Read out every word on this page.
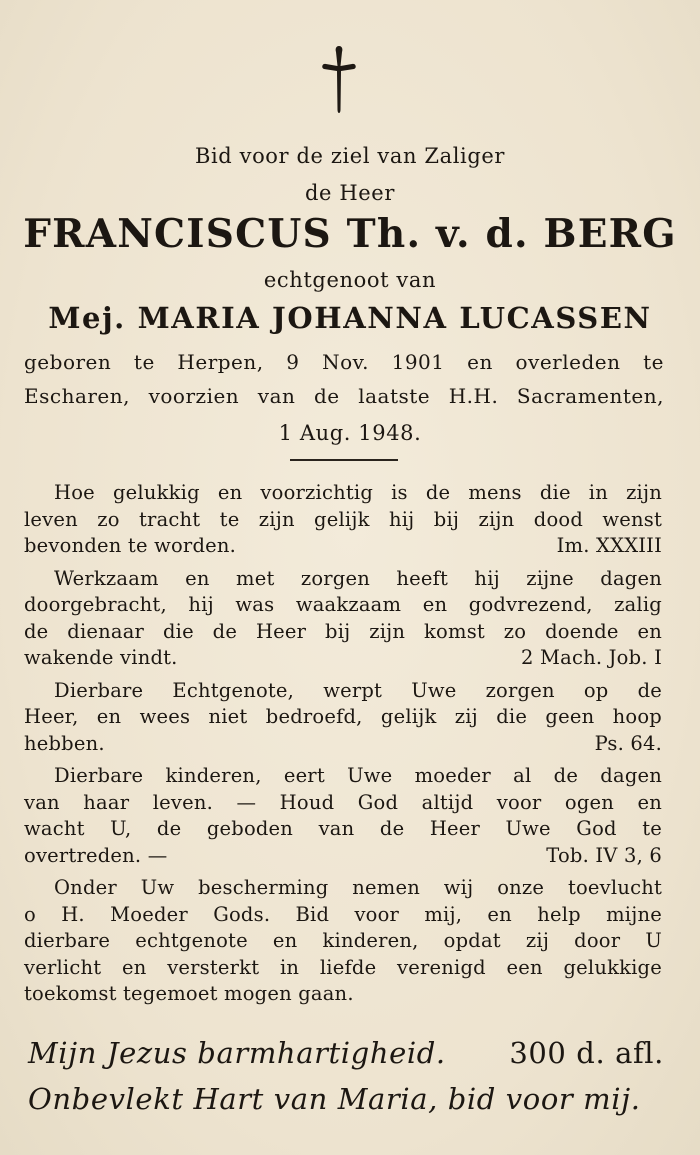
Bid voor de ziel van Zaliger
de Heer
FRANCISCUS Th. v. d. BERG
echtgenoot van
Mej. MARIA JOHANNA LUCASSEN
geboren te Herpen, 9 Nov. 1901 en overleden te
Escharen, voorzien van de laatste H.H. Sacramenten,
1 Aug. 1948.
Hoe gelukkig en voorzichtig is de mens die in zijn
leven zo tracht te zijn gelijk hij bij zijn dood wenst
bevonden te worden.	Im. XXXIII
Werkzaam en met zorgen heeft hij zijne dagen
doorgebracht, hij was waakzaam en godvrezend, zalig
de dienaar die de Heer bij zijn komst zo doende en
wakende vindt.	2 Mach. Job. I
Dierbare Echtgenote, werpt Uwe zorgen op de
Heer, en wees niet bedroefd, gelijk zij die geen hoop
hebben.	Ps. 64.
Dierbare kinderen, eert Uwe moeder al de dagen
van haar leven. — Houd God altijd voor ogen en
wacht U, de geboden van de Heer Uwe God te
overtreden. —	Tob. IV 3, 6
Onder Uw bescherming nemen wij onze toevlucht
o H. Moeder Gods. Bid voor mij, en help mijne
dierbare echtgenote en kinderen, opdat zij door U
verlicht en versterkt in liefde verenigd een gelukkige
toekomst tegemoet mogen gaan.
Mijn Jezus barmhartigheid. 300 d. afl.
Onbevlekt Hart van Maria, bid voor mij.
